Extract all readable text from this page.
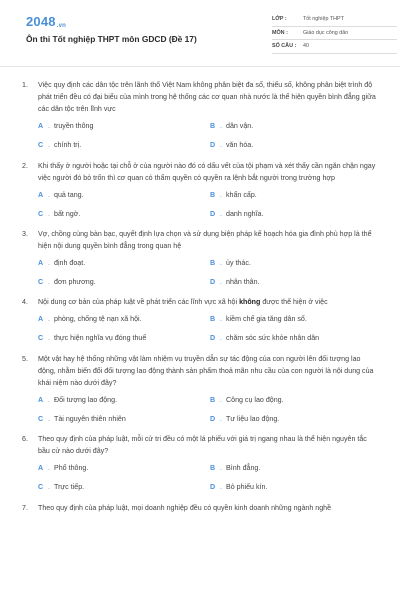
2048.vn
Ôn thi Tốt nghiệp THPT môn GDCD (Đề 17)
LỚP :	Tốt nghiệp THPT
MÔN :	Giáo dục công dân
SỐ CÂU :	40
1.	Việc quy định các dân tộc trên lãnh thổ Việt Nam không phân biệt đa số, thiểu số, không phân biệt trình độ phát triển đều có đại biểu của mình trong hệ thống các cơ quan nhà nước là thể hiện quyền bình đẳng giữa các dân tộc trên lĩnh vực
A . truyền thông	B . dân vận.
C . chính trị.	D . văn hóa.
2.	Khi thấy ở người hoặc tại chỗ ở của người nào đó có dấu vết của tội phạm và xét thấy cần ngăn chặn ngay việc người đó bỏ trốn thì cơ quan có thẩm quyền có quyền ra lệnh bắt người trong trường hợp
A . quả tang.	B . khẩn cấp.
C . bất ngờ.	D . danh nghĩa.
3.	Vợ, chồng cùng bàn bạc, quyết định lựa chọn và sử dụng biện pháp kế hoạch hóa gia đình phù hợp là thể hiện nội dung quyền bình đẳng trong quan hệ
A . định đoạt.	B . ủy thác.
C . đơn phương.	D . nhân thân.
4.	Nội dung cơ bản của pháp luật về phát triển các lĩnh vực xã hội không được thể hiện ở việc
A . phòng, chống tệ nạn xã hội.	B . kiềm chế gia tăng dân số.
C . thực hiện nghĩa vụ đóng thuế	D . chăm sóc sức khỏe nhân dân
5.	Một vật hay hệ thống những vật làm nhiệm vụ truyền dẫn sự tác động của con người lên đối tượng lao động, nhằm biến đổi đối tượng lao động thành sản phẩm thoả mãn nhu cầu của con người là nội dung của khái niệm nào dưới đây?
A . Đối tượng lao động.	B . Công cụ lao động.
C . Tài nguyên thiên nhiên	D . Tư liệu lao động.
6.	Theo quy định của pháp luật, mỗi cử tri đều có một lá phiếu với giá trị ngang nhau là thể hiện nguyên tắc bầu cử nào dưới đây?
A . Phổ thông.	B . Bình đẳng.
C . Trực tiếp.	D . Bỏ phiếu kín.
7.	Theo quy định của pháp luật, mọi doanh nghiệp đều có quyền kinh doanh những ngành nghề
